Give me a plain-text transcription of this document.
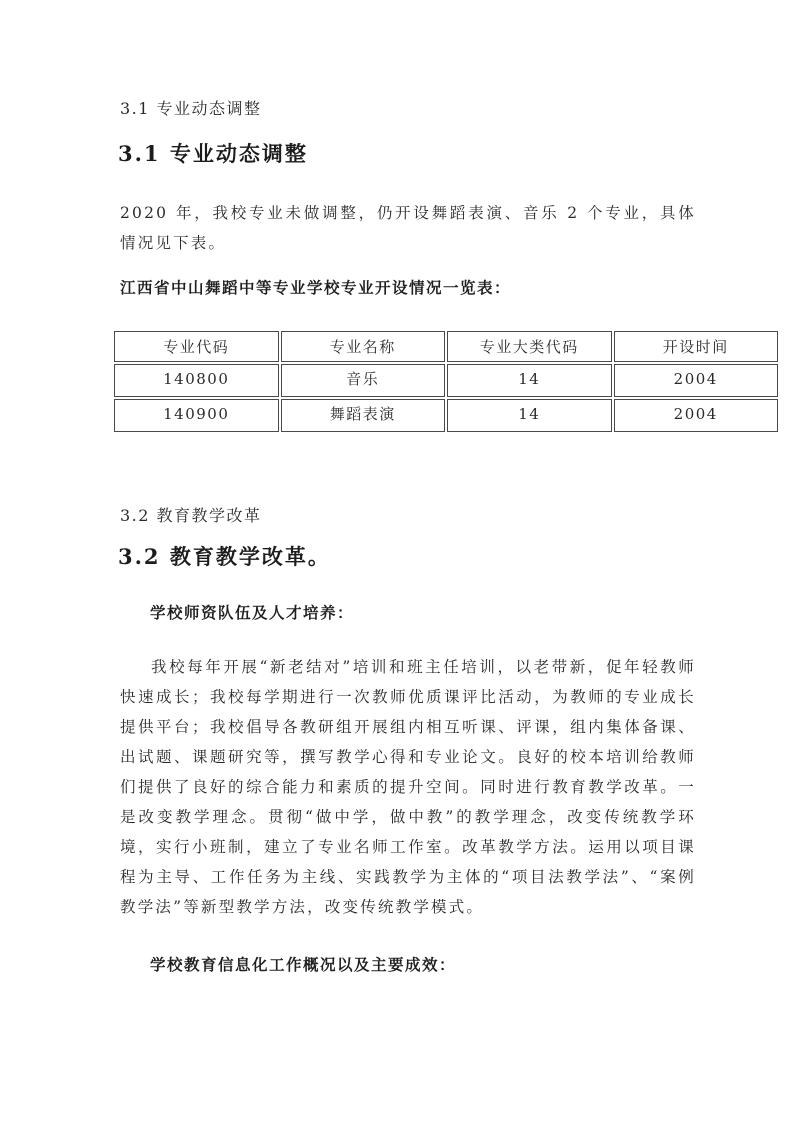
3.1 专业动态调整
3.1 专业动态调整
2020 年，我校专业未做调整，仍开设舞蹈表演、音乐 2 个专业，具体情况见下表。
江西省中山舞蹈中等专业学校专业开设情况一览表：
专业代码	专业名称	专业大类代码	开设时间
140800	音乐	14	2004
140900	舞蹈表演	14	2004
3.2 教育教学改革
3.2 教育教学改革。
学校师资队伍及人才培养：
我校每年开展“新老结对”培训和班主任培训，以老带新，促年轻教师快速成长；我校每学期进行一次教师优质课评比活动，为教师的专业成长提供平台；我校倡导各教研组开展组内相互听课、评课，组内集体备课、出试题、课题研究等，撰写教学心得和专业论文。良好的校本培训给教师们提供了良好的综合能力和素质的提升空间。同时进行教育教学改革。一是改变教学理念。贯彻“做中学，做中教”的教学理念，改变传统教学环境，实行小班制，建立了专业名师工作室。改革教学方法。运用以项目课程为主导、工作任务为主线、实践教学为主体的“项目法教学法”、“案例教学法”等新型教学方法，改变传统教学模式。
学校教育信息化工作概况以及主要成效：
